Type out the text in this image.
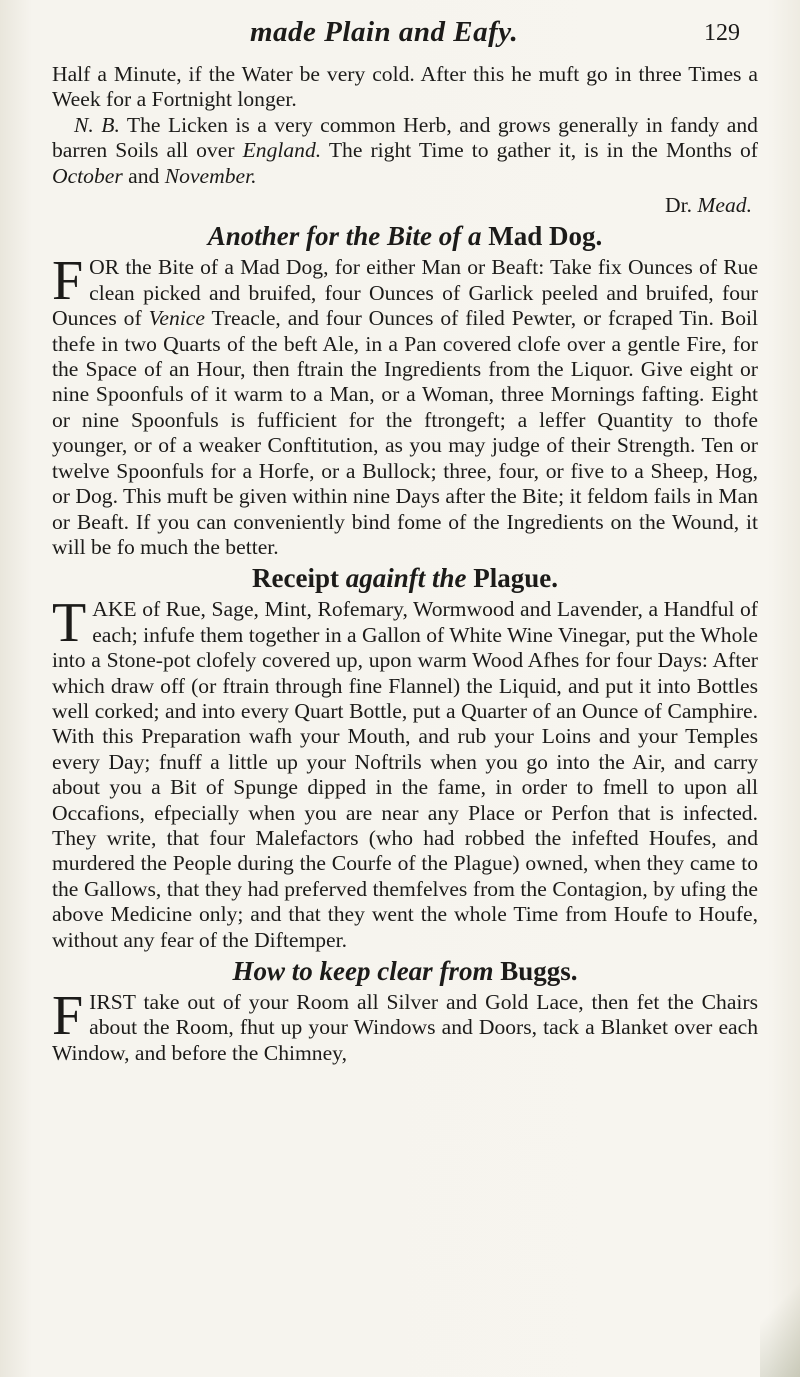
made Plain and Eafy.	129

Half a Minute, if the Water be very cold. After this he muft go in three Times a Week for a Fortnight longer.

N. B. The Licken is a very common Herb, and grows generally in fandy and barren Soils all over England. The right Time to gather it, is in the Months of October and November.

Dr. Mead.
Another for the Bite of a Mad Dog.

FOR the Bite of a Mad Dog, for either Man or Beaft: Take fix Ounces of Rue clean picked and bruifed, four Ounces of Garlick peeled and bruifed, four Ounces of Venice Treacle, and four Ounces of filed Pewter, or fcraped Tin. Boil thefe in two Quarts of the beft Ale, in a Pan covered clofe over a gentle Fire, for the Space of an Hour, then ftrain the Ingredients from the Liquor. Give eight or nine Spoonfuls of it warm to a Man, or a Woman, three Mornings fafting. Eight or nine Spoonfuls is fufficient for the ftrongeft; a leffer Quantity to thofe younger, or of a weaker Conftitution, as you may judge of their Strength. Ten or twelve Spoonfuls for a Horfe, or a Bullock; three, four, or five to a Sheep, Hog, or Dog. This muft be given within nine Days after the Bite; it feldom fails in Man or Beaft. If you can conveniently bind fome of the Ingredients on the Wound, it will be fo much the better.

Receipt againft the Plague.

TAKE of Rue, Sage, Mint, Rofemary, Wormwood and Lavender, a Handful of each; infufe them together in a Gallon of White Wine Vinegar, put the Whole into a Stone-pot clofely covered up, upon warm Wood Afhes for four Days: After which draw off (or ftrain through fine Flannel) the Liquid, and put it into Bottles well corked; and into every Quart Bottle, put a Quarter of an Ounce of Camphire. With this Preparation wafh your Mouth, and rub your Loins and your Temples every Day; fnuff a little up your Noftrils when you go into the Air, and carry about you a Bit of Spunge dipped in the fame, in order to fmell to upon all Occafions, efpecially when you are near any Place or Perfon that is infected. They write, that four Malefactors (who had robbed the infefted Houfes, and murdered the People during the Courfe of the Plague) owned, when they came to the Gallows, that they had preferved themfelves from the Contagion, by ufing the above Medicine only; and that they went the whole Time from Houfe to Houfe, without any fear of the Diftemper.

How to keep clear from Buggs.

FIRST take out of your Room all Silver and Gold Lace, then fet the Chairs about the Room, fhut up your Windows and Doors, tack a Blanket over each Window, and before the Chimney,
